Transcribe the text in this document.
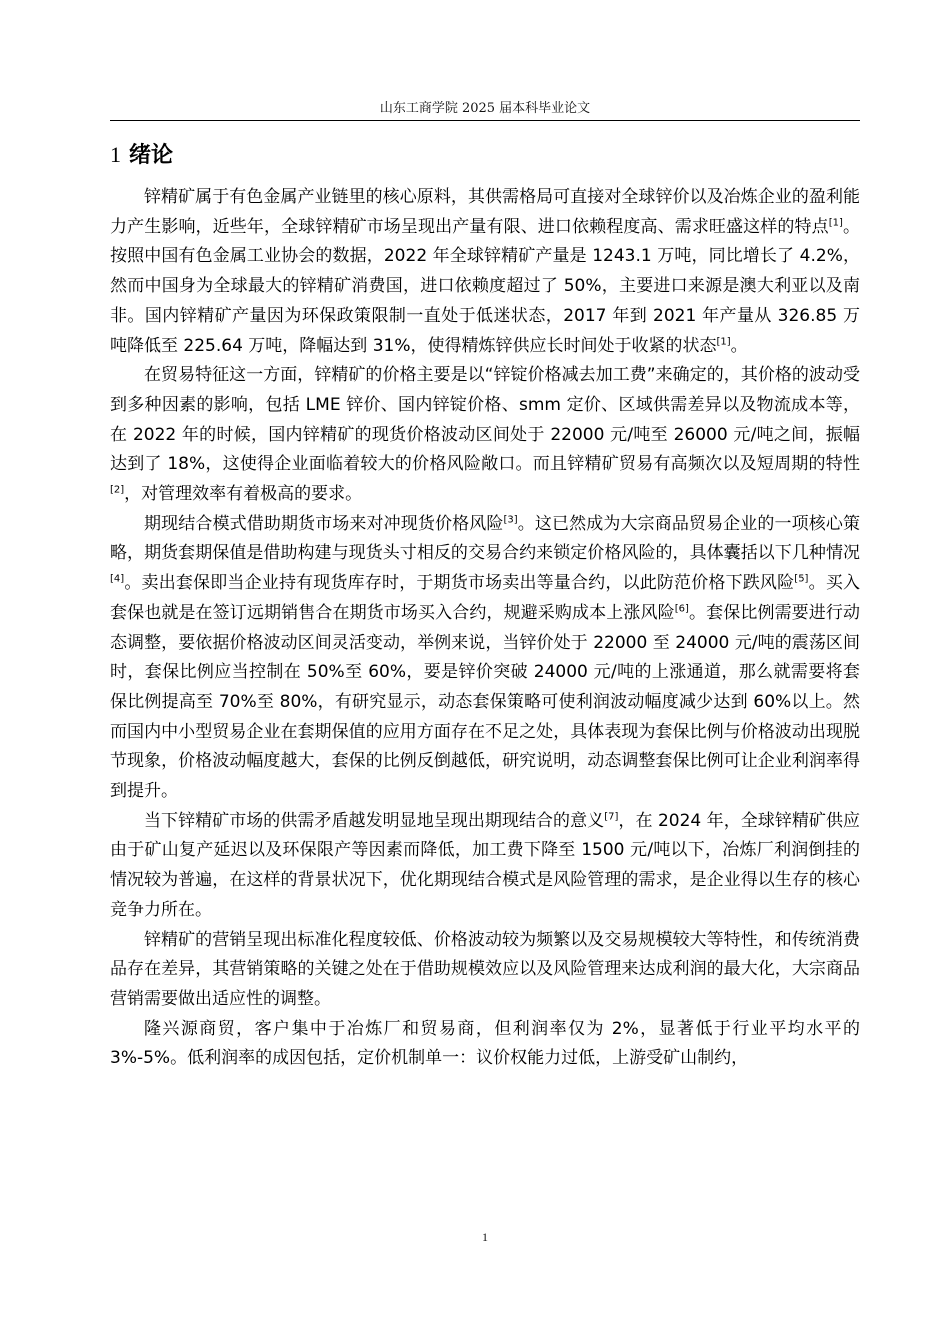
山东工商学院 2025 届本科毕业论文
1 绪论

锌精矿属于有色金属产业链里的核心原料，其供需格局可直接对全球锌价以及冶炼企业的盈利能力产生影响，近些年，全球锌精矿市场呈现出产量有限、进口依赖程度高、需求旺盛这样的特点[1]。按照中国有色金属工业协会的数据，2022 年全球锌精矿产量是 1243.1 万吨，同比增长了 4.2%，然而中国身为全球最大的锌精矿消费国，进口依赖度超过了 50%，主要进口来源是澳大利亚以及南非。国内锌精矿产量因为环保政策限制一直处于低迷状态，2017 年到 2021 年产量从 326.85 万吨降低至 225.64 万吨，降幅达到 31%，使得精炼锌供应长时间处于收紧的状态[1]。

在贸易特征这一方面，锌精矿的价格主要是以“锌锭价格减去加工费”来确定的，其价格的波动受到多种因素的影响，包括 LME 锌价、国内锌锭价格、smm 定价、区域供需差异以及物流成本等，在 2022 年的时候，国内锌精矿的现货价格波动区间处于 22000 元/吨至 26000 元/吨之间，振幅达到了 18%，这使得企业面临着较大的价格风险敞口。而且锌精矿贸易有高频次以及短周期的特性[2]，对管理效率有着极高的要求。

期现结合模式借助期货市场来对冲现货价格风险[3]。这已然成为大宗商品贸易企业的一项核心策略，期货套期保值是借助构建与现货头寸相反的交易合约来锁定价格风险的，具体囊括以下几种情况[4]。卖出套保即当企业持有现货库存时，于期货市场卖出等量合约，以此防范价格下跌风险[5]。买入套保也就是在签订远期销售合在期货市场买入合约，规避采购成本上涨风险[6]。套保比例需要进行动态调整，要依据价格波动区间灵活变动，举例来说，当锌价处于 22000 至 24000 元/吨的震荡区间时，套保比例应当控制在 50%至 60%，要是锌价突破 24000 元/吨的上涨通道，那么就需要将套保比例提高至 70%至 80%，有研究显示，动态套保策略可使利润波动幅度减少达到 60%以上。然而国内中小型贸易企业在套期保值的应用方面存在不足之处，具体表现为套保比例与价格波动出现脱节现象，价格波动幅度越大，套保的比例反倒越低，研究说明，动态调整套保比例可让企业利润率得到提升。

当下锌精矿市场的供需矛盾越发明显地呈现出期现结合的意义[7]，在 2024 年，全球锌精矿供应由于矿山复产延迟以及环保限产等因素而降低，加工费下降至 1500 元/吨以下，冶炼厂利润倒挂的情况较为普遍，在这样的背景状况下，优化期现结合模式是风险管理的需求，是企业得以生存的核心竞争力所在。

锌精矿的营销呈现出标准化程度较低、价格波动较为频繁以及交易规模较大等特性，和传统消费品存在差异，其营销策略的关键之处在于借助规模效应以及风险管理来达成利润的最大化，大宗商品营销需要做出适应性的调整。

隆兴源商贸，客户集中于冶炼厂和贸易商，但利润率仅为 2%，显著低于行业平均水平的 3%-5%。低利润率的成因包括，定价机制单一：议价权能力过低，上游受矿山制约，

1
